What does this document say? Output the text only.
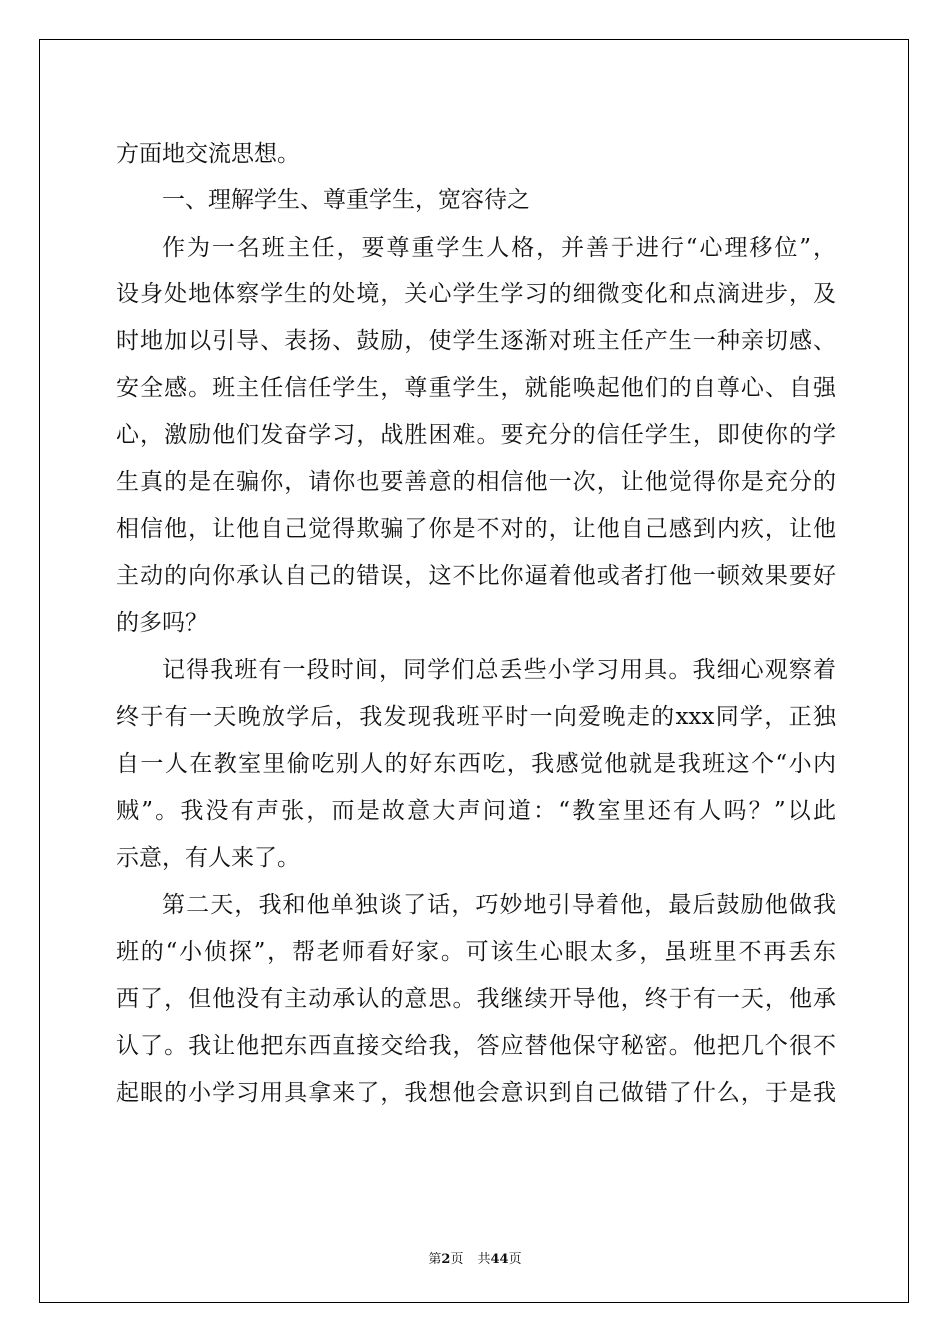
方面地交流思想。
一、理解学生、尊重学生，宽容待之
作为一名班主任，要尊重学生人格，并善于进行“心理移位”，
设身处地体察学生的处境，关心学生学习的细微变化和点滴进步，及
时地加以引导、表扬、鼓励，使学生逐渐对班主任产生一种亲切感、
安全感。班主任信任学生，尊重学生，就能唤起他们的自尊心、自强
心，激励他们发奋学习，战胜困难。要充分的信任学生，即使你的学
生真的是在骗你，请你也要善意的相信他一次，让他觉得你是充分的
相信他，让他自己觉得欺骗了你是不对的，让他自己感到内疚，让他
主动的向你承认自己的错误，这不比你逼着他或者打他一顿效果要好
的多吗？
记得我班有一段时间，同学们总丢些小学习用具。我细心观察着
终于有一天晚放学后，我发现我班平时一向爱晚走的xxx同学，正独
自一人在教室里偷吃别人的好东西吃，我感觉他就是我班这个“小内
贼”。我没有声张，而是故意大声问道：“教室里还有人吗？”以此
示意，有人来了。
第二天，我和他单独谈了话，巧妙地引导着他，最后鼓励他做我
班的“小侦探”，帮老师看好家。可该生心眼太多，虽班里不再丢东
西了，但他没有主动承认的意思。我继续开导他，终于有一天，他承
认了。我让他把东西直接交给我，答应替他保守秘密。他把几个很不
起眼的小学习用具拿来了，我想他会意识到自己做错了什么，于是我
第2页 共44页
